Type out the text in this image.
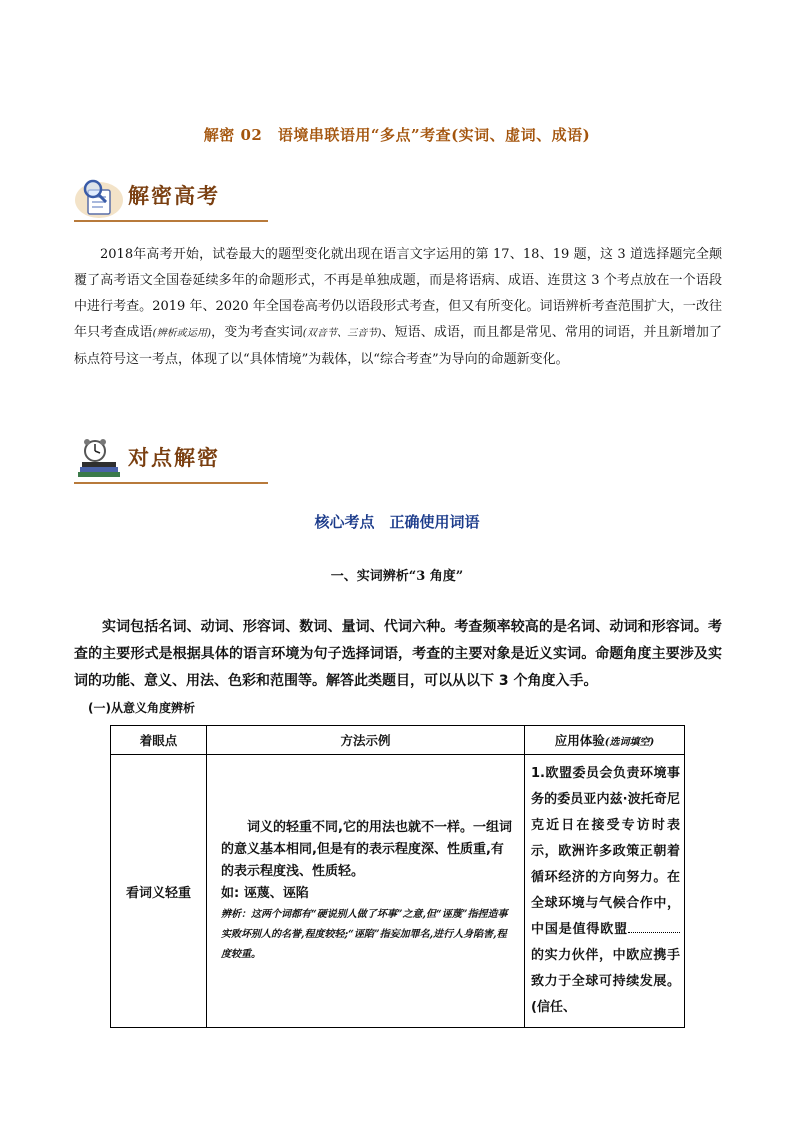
解密 02　语境串联语用“多点”考查(实词、虚词、成语)
解密高考

2018年高考开始，试卷最大的题型变化就出现在语言文字运用的第 17、18、19 题，这 3 道选择题完全颠覆了高考语文全国卷延续多年的命题形式，不再是单独成题，而是将语病、成语、连贯这 3 个考点放在一个语段中进行考查。2019 年、2020 年全国卷高考仍以语段形式考查，但又有所变化。词语辨析考查范围扩大，一改往年只考查成语(辨析或运用)，变为考查实词(双音节、三音节)、短语、成语，而且都是常见、常用的词语，并且新增加了标点符号这一考点，体现了以“具体情境”为载体，以“综合考查”为导向的命题新变化。

对点解密
核心考点　正确使用词语
一、实词辨析“3 角度”

实词包括名词、动词、形容词、数词、量词、代词六种。考查频率较高的是名词、动词和形容词。考查的主要形式是根据具体的语言环境为句子选择词语，考查的主要对象是近义实词。命题角度主要涉及实词的功能、意义、用法、色彩和范围等。解答此类题目，可以从以下 3 个角度入手。

(一)从意义角度辨析
着眼点	方法示例	应用体验(选词填空)
看词义轻重	词义的轻重不同,它的用法也就不一样。一组词的意义基本相同,但是有的表示程度深、性质重,有的表示程度浅、性质轻。

如: 诬蔑、诬陷

辨析：这两个词都有“硬说别人做了坏事”之意,但“诬蔑”指捏造事实败坏别人的名誉,程度较轻;“诬陷”指妄加罪名,进行人身陷害,程度较重。	1.欧盟委员会负责环境事务的委员亚内兹·波托奇尼克近日在接受专访时表示，欧洲许多政策正朝着循环经济的方向努力。在全球环境与气候合作中，中国是值得欧盟的实力伙伴，中欧应携手致力于全球可持续发展。(信任、
